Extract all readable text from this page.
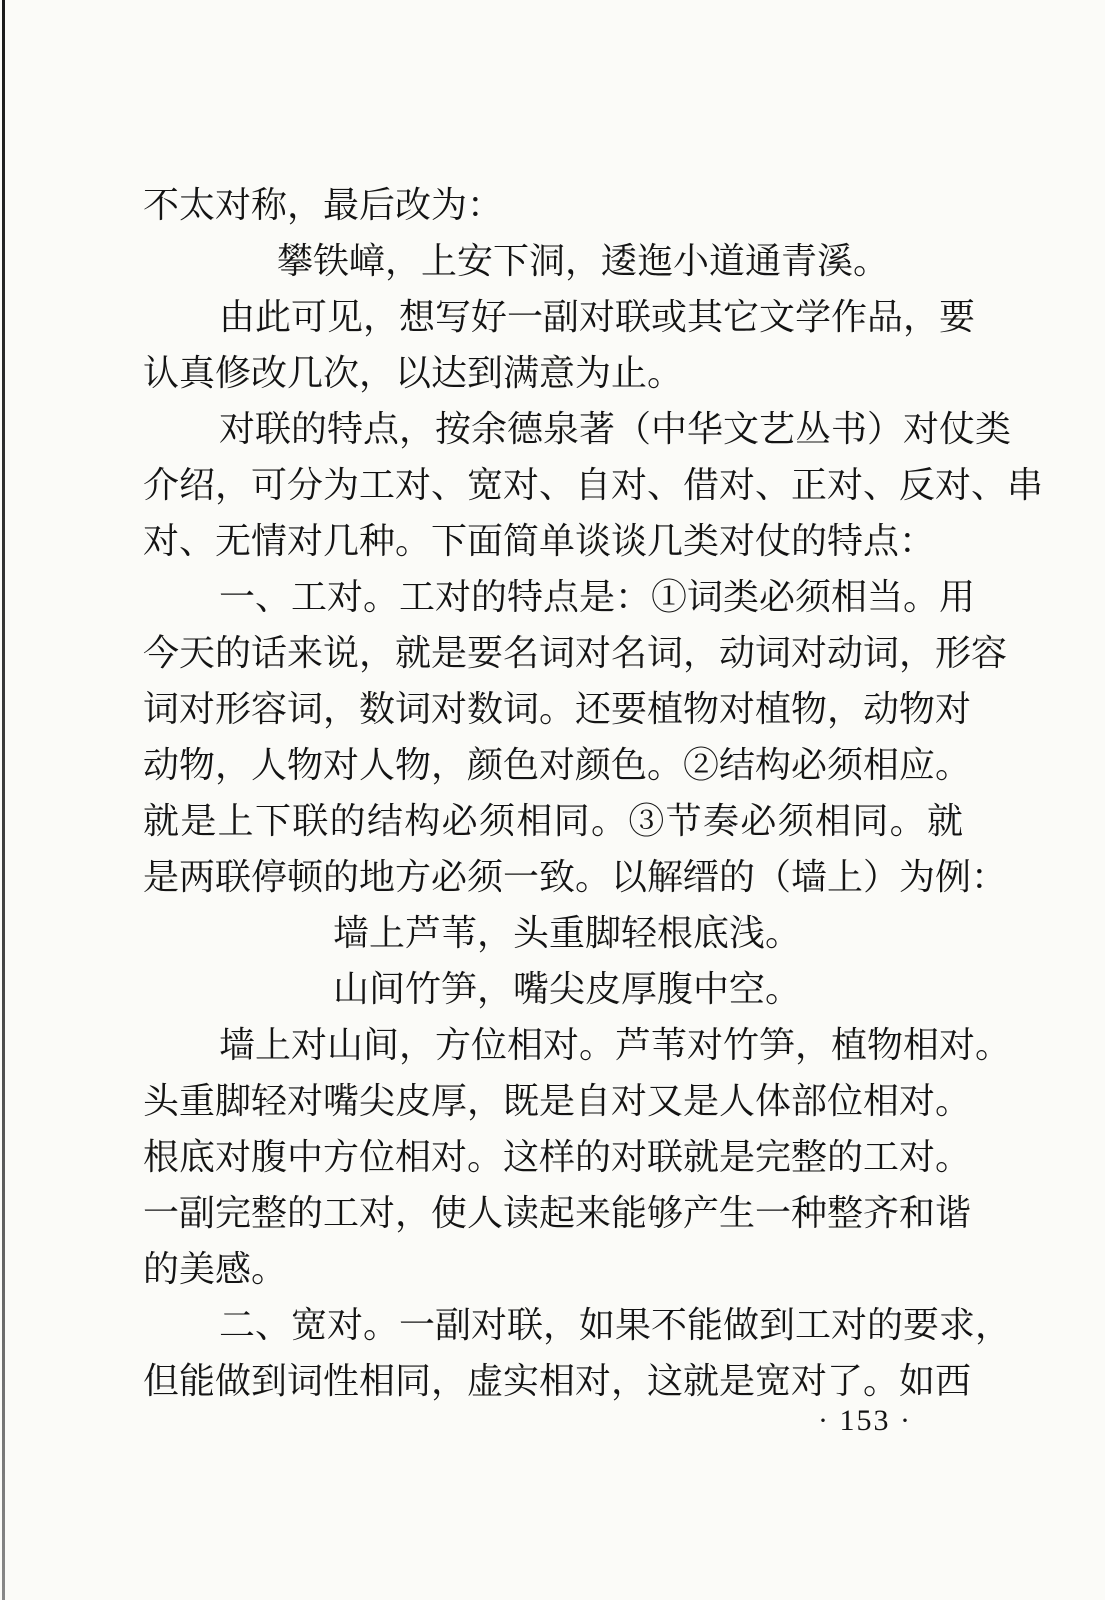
不太对称，最后改为：
攀铁嶂，上安下洞，逶迤小道通青溪。
由此可见，想写好一副对联或其它文学作品，要
认真修改几次，以达到满意为止。
对联的特点，按余德泉著（中华文艺丛书）对仗类
介绍，可分为工对、宽对、自对、借对、正对、反对、串
对、无情对几种。下面简单谈谈几类对仗的特点：
一、工对。工对的特点是：①词类必须相当。用
今天的话来说，就是要名词对名词，动词对动词，形容
词对形容词，数词对数词。还要植物对植物，动物对
动物，人物对人物，颜色对颜色。②结构必须相应。
就是上下联的结构必须相同。③节奏必须相同。就
是两联停顿的地方必须一致。以解缙的（墙上）为例：
墙上芦苇，头重脚轻根底浅。
山间竹笋，嘴尖皮厚腹中空。
墙上对山间，方位相对。芦苇对竹笋，植物相对。
头重脚轻对嘴尖皮厚，既是自对又是人体部位相对。
根底对腹中方位相对。这样的对联就是完整的工对。
一副完整的工对，使人读起来能够产生一种整齐和谐
的美感。
二、宽对。一副对联，如果不能做到工对的要求，
但能做到词性相同，虚实相对，这就是宽对了。如西
· 153 ·
